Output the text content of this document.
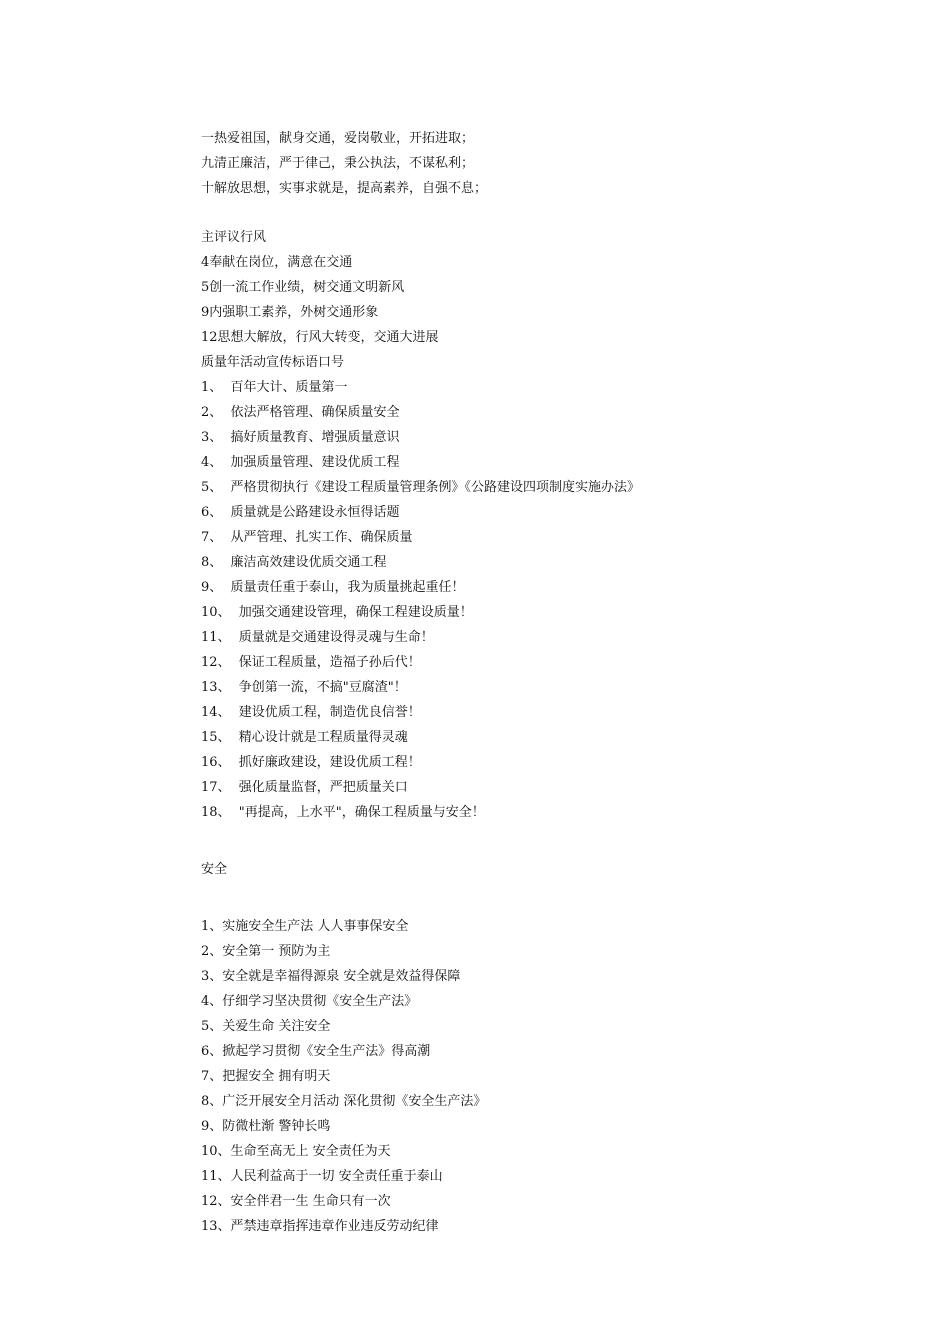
一热爱祖国，献身交通，爱岗敬业，开拓进取；
九清正廉洁，严于律己，秉公执法，不谋私利；
十解放思想，实事求就是，提高素养，自强不息；
主评议行风
4奉献在岗位，满意在交通
5创一流工作业绩，树交通文明新风
9内强职工素养，外树交通形象
12思想大解放，行风大转变，交通大进展
质量年活动宣传标语口号
1、  百年大计、质量第一
2、  依法严格管理、确保质量安全
3、  搞好质量教育、增强质量意识
4、  加强质量管理、建设优质工程
5、  严格贯彻执行《建设工程质量管理条例》《公路建设四项制度实施办法》
6、  质量就是公路建设永恒得话题
7、  从严管理、扎实工作、确保质量
8、  廉洁高效建设优质交通工程
9、  质量责任重于泰山，我为质量挑起重任！
10、  加强交通建设管理，确保工程建设质量！
11、  质量就是交通建设得灵魂与生命！
12、  保证工程质量，造福子孙后代！
13、  争创第一流，不搞"豆腐渣"！
14、  建设优质工程，制造优良信誉！
15、  精心设计就是工程质量得灵魂
16、  抓好廉政建设，建设优质工程！
17、  强化质量监督，严把质量关口
18、  "再提高，上水平"，确保工程质量与安全！
安全
1、实施安全生产法 人人事事保安全
2、安全第一 预防为主
3、安全就是幸福得源泉 安全就是效益得保障
4、仔细学习坚决贯彻《安全生产法》
5、关爱生命 关注安全
6、掀起学习贯彻《安全生产法》得高潮
7、把握安全 拥有明天
8、广泛开展安全月活动 深化贯彻《安全生产法》
9、防微杜渐 警钟长鸣
10、生命至高无上 安全责任为天
11、人民利益高于一切 安全责任重于泰山
12、安全伴君一生 生命只有一次
13、严禁违章指挥违章作业违反劳动纪律
